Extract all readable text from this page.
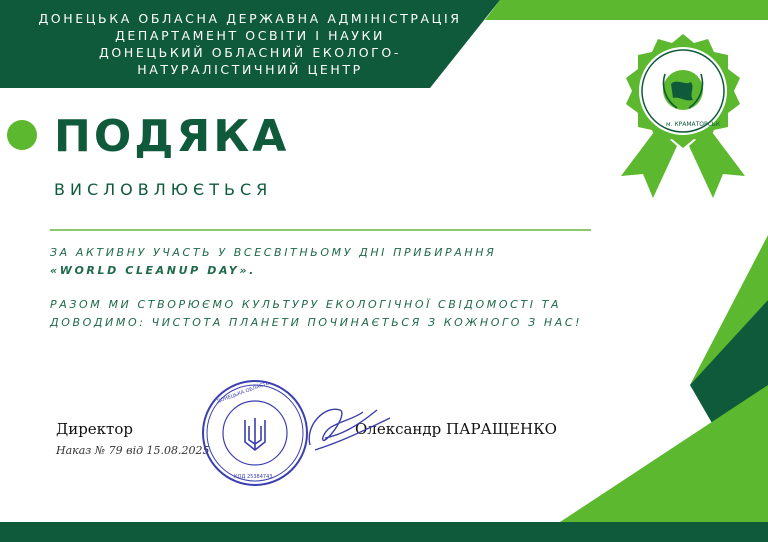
ДОНЕЦЬКА ОБЛАСНА ДЕРЖАВНА АДМІНІСТРАЦІЯ
ДЕПАРТАМЕНТ ОСВІТИ І НАУКИ
ДОНЕЦЬКИЙ ОБЛАСНИЙ ЕКОЛОГО-
НАТУРАЛІСТИЧНИЙ ЦЕНТР
ПОДЯКА
ВИСЛОВЛЮЄТЬСЯ
ЗА АКТИВНУ УЧАСТЬ У ВСЕСВІТНЬОМУ ДНІ ПРИБИРАННЯ
«WORLD CLEANUP DAY».
РАЗОМ МИ СТВОРЮЄМО КУЛЬТУРУ ЕКОЛОГІЧНОЇ СВІДОМОСТІ ТА
ДОВОДИМО: ЧИСТОТА ПЛАНЕТИ ПОЧИНАЄТЬСЯ З КОЖНОГО З НАС!
Директор
Наказ № 79 від 15.08.2025
Олександр ПАРАЩЕНКО
ДОНЕЦЬКА ОБЛАСТЬ
КОД 25384743
м. КРАМАТОРСЬК
